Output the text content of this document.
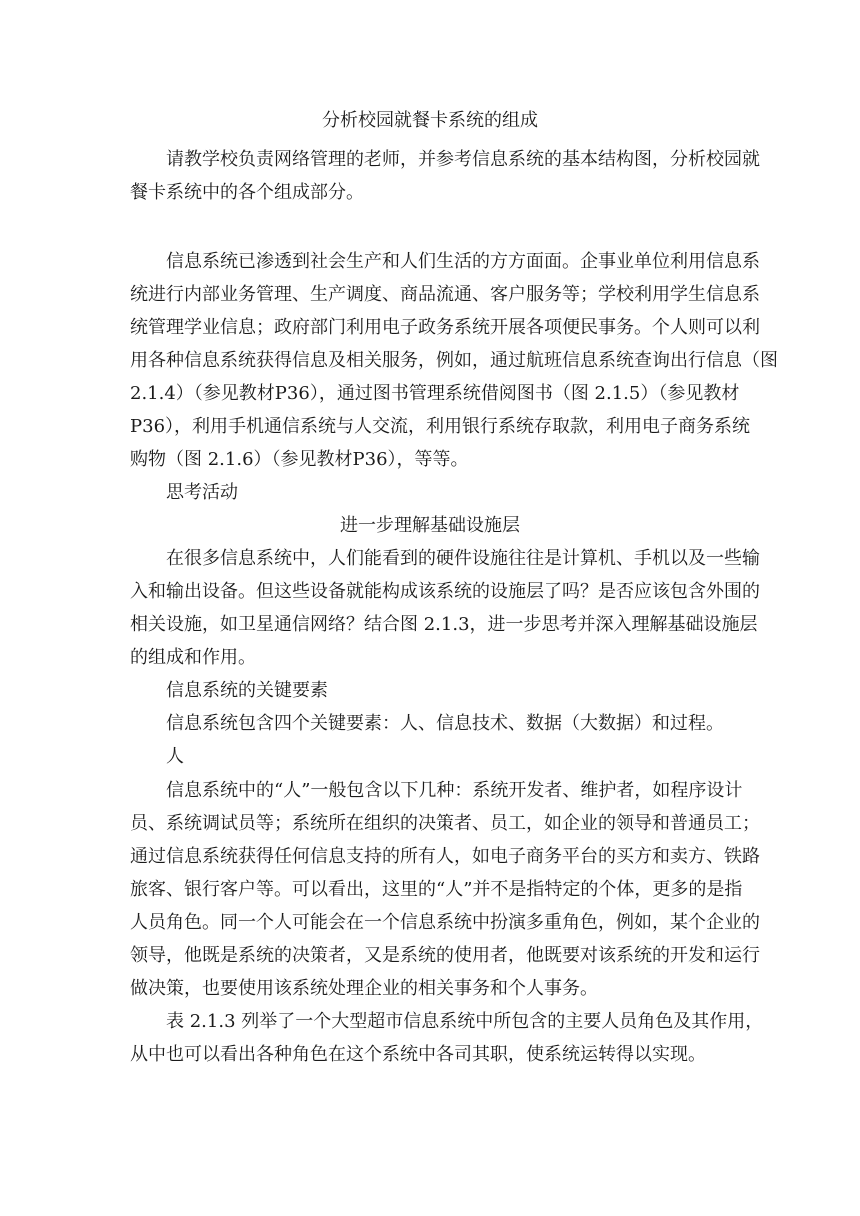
分析校园就餐卡系统的组成
请教学校负责网络管理的老师，并参考信息系统的基本结构图，分析校园就
餐卡系统中的各个组成部分。
信息系统已渗透到社会生产和人们生活的方方面面。企事业单位利用信息系
统进行内部业务管理、生产调度、商品流通、客户服务等；学校利用学生信息系
统管理学业信息；政府部门利用电子政务系统开展各项便民事务。个人则可以利
用各种信息系统获得信息及相关服务，例如，通过航班信息系统查询出行信息（图
2.1.4）（参见教材P36），通过图书管理系统借阅图书（图 2.1.5）（参见教材
P36），利用手机通信系统与人交流，利用银行系统存取款，利用电子商务系统
购物（图 2.1.6）（参见教材P36），等等。
思考活动
进一步理解基础设施层
在很多信息系统中，人们能看到的硬件设施往往是计算机、手机以及一些输
入和输出设备。但这些设备就能构成该系统的设施层了吗？是否应该包含外围的
相关设施，如卫星通信网络？结合图 2.1.3，进一步思考并深入理解基础设施层
的组成和作用。
信息系统的关键要素
信息系统包含四个关键要素：人、信息技术、数据（大数据）和过程。
人
信息系统中的“人”一般包含以下几种：系统开发者、维护者，如程序设计
员、系统调试员等；系统所在组织的决策者、员工，如企业的领导和普通员工；
通过信息系统获得任何信息支持的所有人，如电子商务平台的买方和卖方、铁路
旅客、银行客户等。可以看出，这里的“人”并不是指特定的个体，更多的是指
人员角色。同一个人可能会在一个信息系统中扮演多重角色，例如，某个企业的
领导，他既是系统的决策者，又是系统的使用者，他既要对该系统的开发和运行
做决策，也要使用该系统处理企业的相关事务和个人事务。
表 2.1.3 列举了一个大型超市信息系统中所包含的主要人员角色及其作用，
从中也可以看出各种角色在这个系统中各司其职，使系统运转得以实现。
